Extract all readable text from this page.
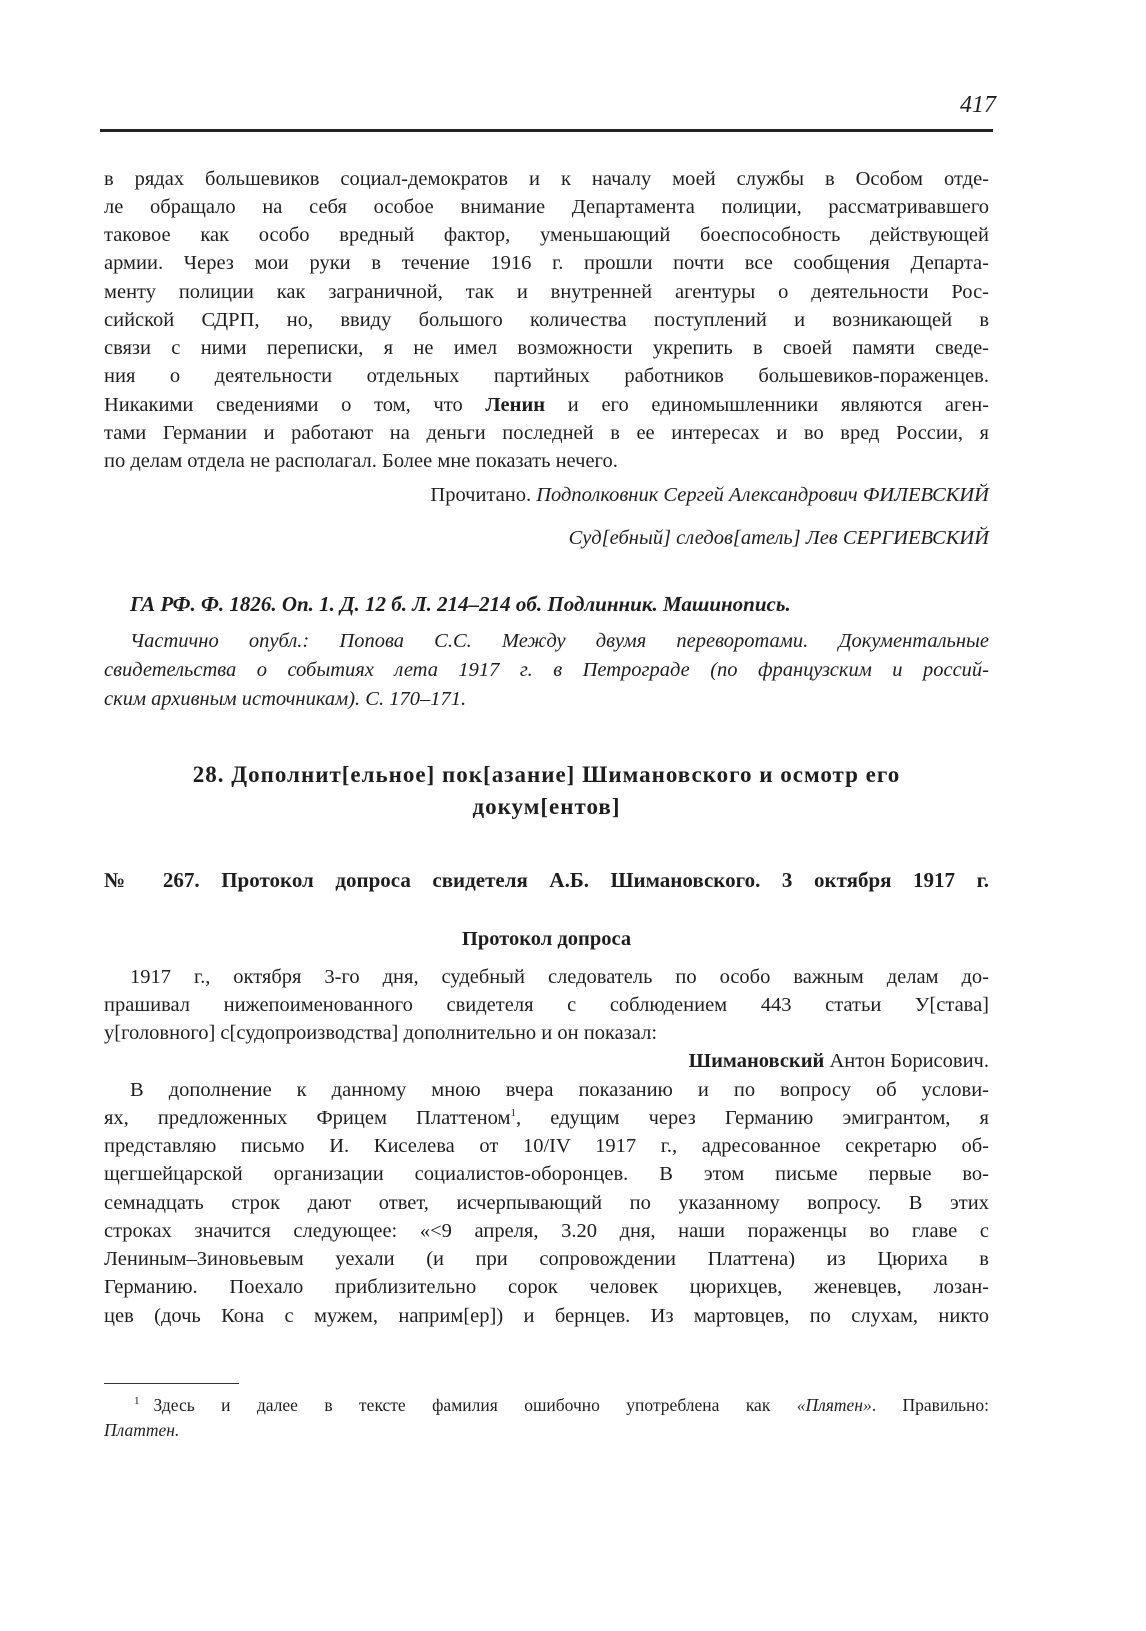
417
в рядах большевиков социал-демократов и к началу моей службы в Особом отде-
ле обращало на себя особое внимание Департамента полиции, рассматривавшего
таковое как особо вредный фактор, уменьшающий боеспособность действующей
армии. Через мои руки в течение 1916 г. прошли почти все сообщения Департа-
менту полиции как заграничной, так и внутренней агентуры о деятельности Рос-
сийской СДРП, но, ввиду большого количества поступлений и возникающей в
связи с ними переписки, я не имел возможности укрепить в своей памяти сведе-
ния о деятельности отдельных партийных работников большевиков-пораженцев.
Никакими сведениями о том, что Ленин и его единомышленники являются аген-
тами Германии и работают на деньги последней в ее интересах и во вред России, я
по делам отдела не располагал. Более мне показать нечего.
Прочитано. Подполковник Сергей Александрович ФИЛЕВСКИЙ
Суд[ебный] следов[атель] Лев СЕРГИЕВСКИЙ
ГА РФ. Ф. 1826. Оп. 1. Д. 12 б. Л. 214–214 об. Подлинник. Машинопись.
Частично опубл.: Попова С.С. Между двумя переворотами. Документальные
свидетельства о событиях лета 1917 г. в Петрограде (по французским и россий-
ским архивным источникам). С. 170–171.
28. Дополнит[ельное] пок[азание] Шимановского и осмотр его
докум[ентов]
№ 267. Протокол допроса свидетеля А.Б. Шимановского. 3 октября 1917 г.
Протокол допроса
1917 г., октября 3-го дня, судебный следователь по особо важным делам до-
прашивал нижепоименованного свидетеля с соблюдением 443 статьи У[става]
у[головного] с[судопроизводства] дополнительно и он показал:
Шимановский Антон Борисович.
В дополнение к данному мною вчера показанию и по вопросу об услови-
ях, предложенных Фрицем Платтеном$^1$, едущим через Германию эмигрантом, я
представляю письмо И. Киселева от 10/IV 1917 г., адресованное секретарю об-
щегшейцарской организации социалистов-оборонцев. В этом письме первые во-
семнадцать строк дают ответ, исчерпывающий по указанному вопросу. В этих
строках значится следующее: «<9 апреля, 3.20 дня, наши пораженцы во главе с
Лениным–Зиновьевым уехали (и при сопровождении Платтена) из Цюриха в
Германию. Поехало приблизительно сорок человек цюрихцев, женевцев, лозан-
цев (дочь Кона с мужем, наприм[ер]) и бернцев. Из мартовцев, по слухам, никто
$^1$ Здесь и далее в тексте фамилия ошибочно употреблена как «Плятен». Правильно:
Платтен.
